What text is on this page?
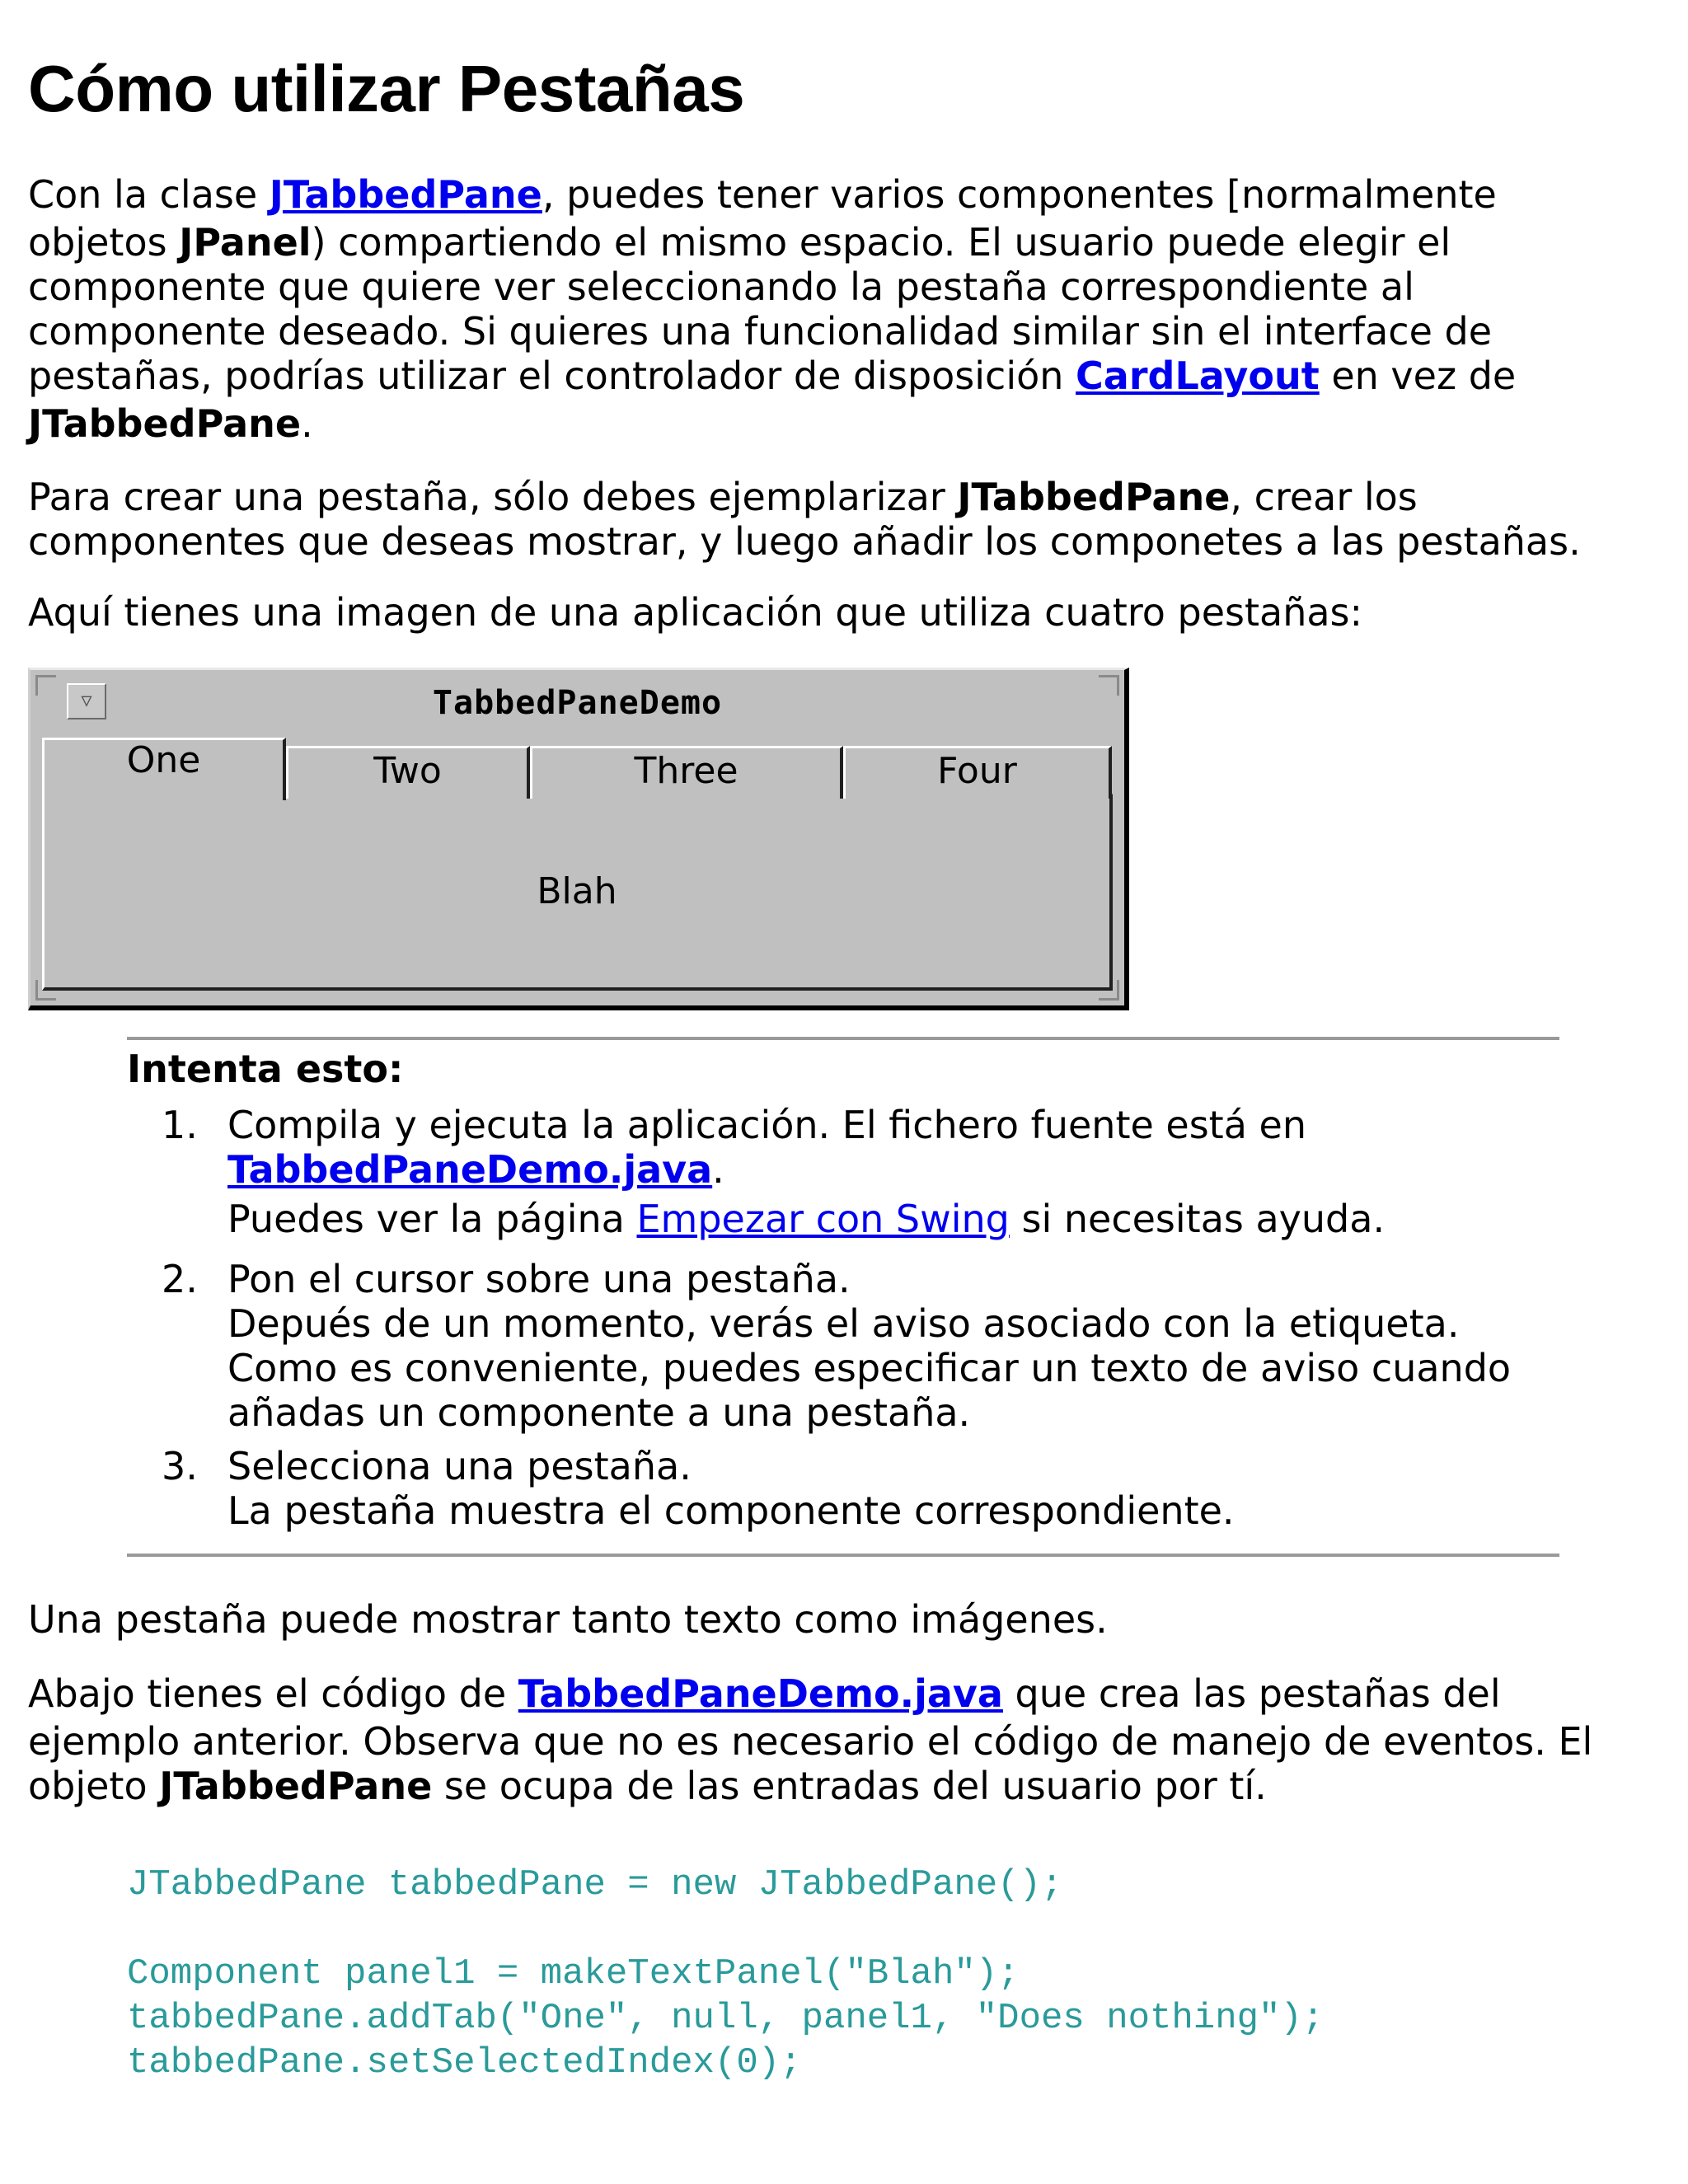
Cómo utilizar Pestañas

Con la clase JTabbedPane, puedes tener varios componentes [normalmente
objetos JPanel) compartiendo el mismo espacio. El usuario puede elegir el
componente que quiere ver seleccionando la pestaña correspondiente al
componente deseado. Si quieres una funcionalidad similar sin el interface de
pestañas, podrías utilizar el controlador de disposición CardLayout en vez de
JTabbedPane.

Para crear una pestaña, sólo debes ejemplarizar JTabbedPane, crear los
componentes que deseas mostrar, y luego añadir los componetes a las pestañas.

Aquí tienes una imagen de una aplicación que utiliza cuatro pestañas:

▽	TabbedPaneDemo
Blah
One	Two	Three	Four
Intenta esto:
1. Compila y ejecuta la aplicación. El fichero fuente está en
TabbedPaneDemo.java.
Puedes ver la página Empezar con Swing si necesitas ayuda.
2. Pon el cursor sobre una pestaña.
Depués de un momento, verás el aviso asociado con la etiqueta.
Como es conveniente, puedes especificar un texto de aviso cuando
añadas un componente a una pestaña.
3. Selecciona una pestaña.
La pestaña muestra el componente correspondiente.

Una pestaña puede mostrar tanto texto como imágenes.

Abajo tienes el código de TabbedPaneDemo.java que crea las pestañas del
ejemplo anterior. Observa que no es necesario el código de manejo de eventos. El
objeto JTabbedPane se ocupa de las entradas del usuario por tí.

JTabbedPane tabbedPane = new JTabbedPane();
Component panel1 = makeTextPanel("Blah");
tabbedPane.addTab("One", null, panel1, "Does nothing");
tabbedPane.setSelectedIndex(0);
